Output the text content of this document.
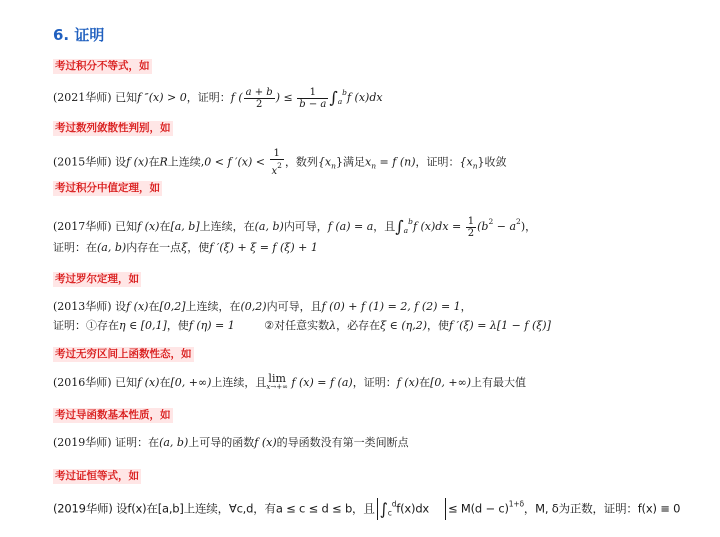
6. 证明
考过积分不等式，如
(2021华师) 已知f ″(x) > 0，证明：f ( $\frac{a + b}{2}$ ) ≤ $\frac{1}{b - a} \int_a^bf$ (x)dx
考过数列敛散性判别，如
(2015华师) 设f (x)在R上连续,0 < f $'(x) < \frac{1}{x^2}$ ，数列$\{x_n\}$满足$x_n = f$ (n)，证明：$\{x_n\}$收敛
考过积分中值定理，如
(2017华师) 已知f (x)在[a, b]上连续，在(a, b)内可导，f (a) = a，且$\int_a^bf$ $(x)dx = \frac{1}{2} (b^2 - a^2)$，
证明：在(a, b)内存在一点ξ，使f ′(ξ) + ξ = f (ξ) + 1
考过罗尔定理，如
(2013华师) 设f (x)在[0,2]上连续，在(0,2)内可导，且f (0) + f (1) = 2, f (2) = 1，
证明：①存在η ∈ [0,1]，使f (η) = 1	②对任意实数λ，必存在ξ ∈ (η,2)，使f ′(ξ) = λ[1 − f (ξ)]
考过无穷区间上函数性态，如
(2016华师) 已知f (x)在[0, +∞)上连续，且 lim
x→+∞ f (x) = f (a)，证明：f (x)在[0, +∞)上有最大值
考过导函数基本性质，如
(2019华师) 证明：在(a, b)上可导的函数f (x)的导函数没有第一类间断点
考过证恒等式，如
(2019华师) 设f(x)在[a,b]上连续，∀c,d，有a ≤ c ≤ d ≤ b，且 $\int_c^df(x)dx \le M(d - c)^{1+\delta}$，M, δ为正数，证明：f(x) ≡ 0
